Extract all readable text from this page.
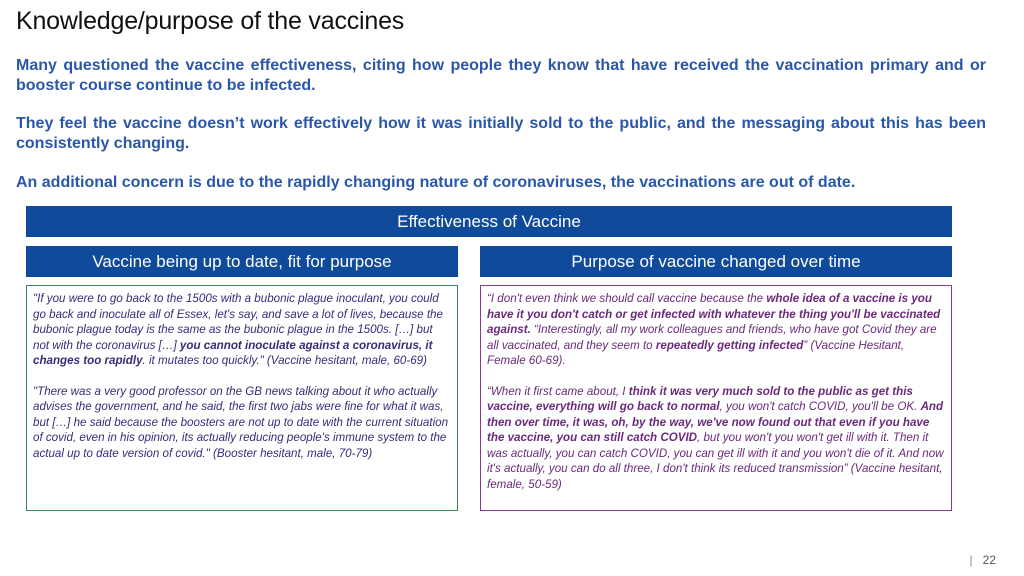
Knowledge/purpose of the vaccines
Many questioned the vaccine effectiveness, citing how people they know that have received the vaccination primary and or booster course continue to be infected.
They feel the vaccine doesn’t work effectively how it was initially sold to the public, and the messaging about this has been consistently changing.
An additional concern is due to the rapidly changing nature of coronaviruses, the vaccinations are out of date.
Effectiveness of Vaccine
Vaccine being up to date, fit for purpose	Purpose of vaccine changed over time

"If you were to go back to the 1500s with a bubonic plague inoculant, you could go back and inoculate all of Essex, let's say, and save a lot of lives, because the bubonic plague today is the same as the bubonic plague in the 1500s. […] but not with the coronavirus […] you cannot inoculate against a coronavirus, it changes too rapidly. it mutates too quickly." (Vaccine hesitant, male, 60-69)

"There was a very good professor on the GB news talking about it who actually advises the government, and he said, the first two jabs were fine for what it was, but […] he said because the boosters are not up to date with the current situation of covid, even in his opinion, its actually reducing people's immune system to the actual up to date version of covid." (Booster hesitant, male, 70-79)

“I don't even think we should call vaccine because the whole idea of a vaccine is you have it you don't catch or get infected with whatever the thing you'll be vaccinated against. “Interestingly, all my work colleagues and friends, who have got Covid they are all vaccinated, and they seem to repeatedly getting infected” (Vaccine Hesitant, Female 60-69).

“When it first came about, I think it was very much sold to the public as get this vaccine, everything will go back to normal, you won't catch COVID, you'll be OK. And then over time, it was, oh, by the way, we've now found out that even if you have the vaccine, you can still catch COVID, but you won't you won't get ill with it. Then it was actually, you can catch COVID, you can get ill with it and you won't die of it. And now it's actually, you can do all three, I don't think its reduced transmission” (Vaccine hesitant, female, 50-59)

| 22
